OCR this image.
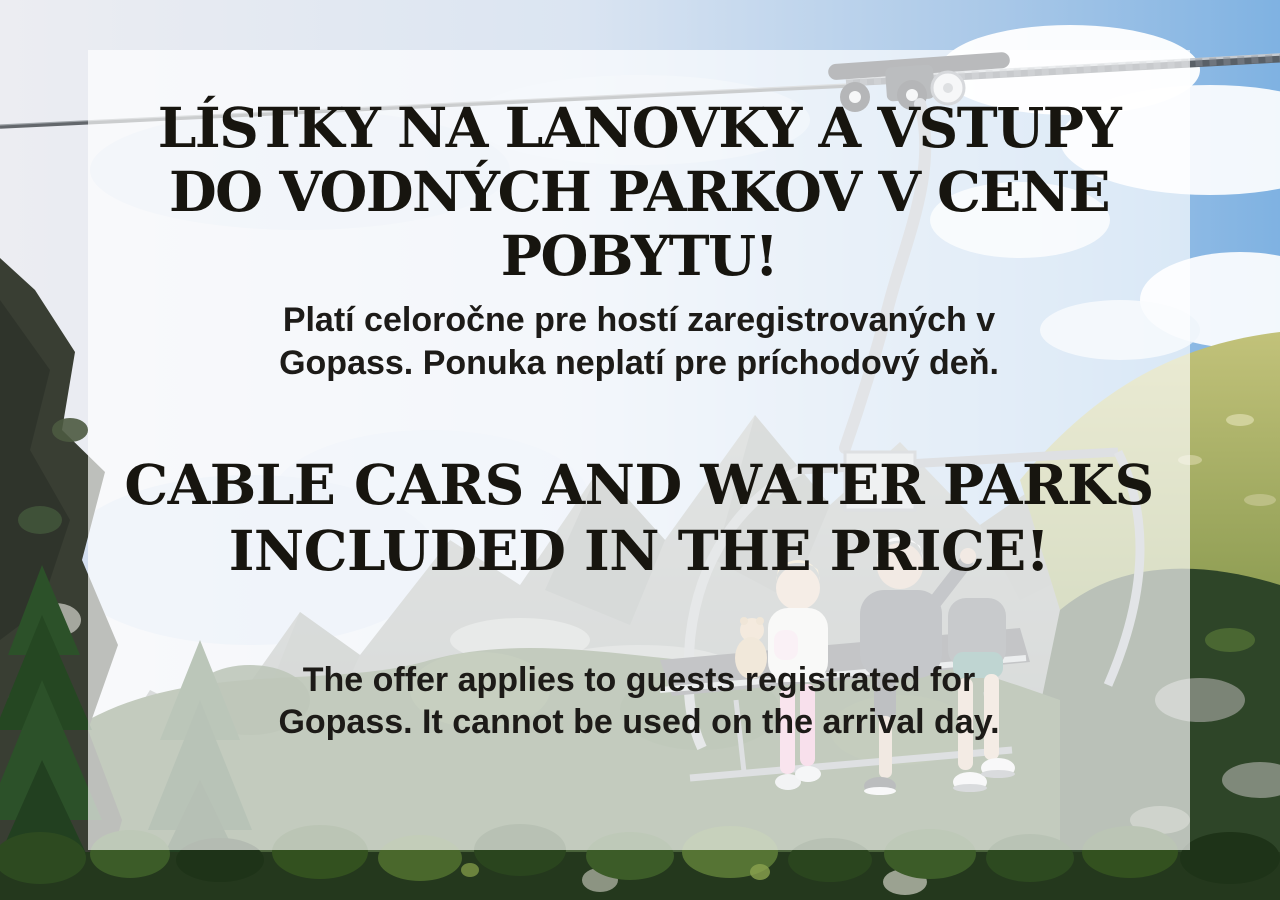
LÍSTKY NA LANOVKY A VSTUPY
DO VODNÝCH PARKOV V CENE
POBYTU!
Platí celoročne pre hostí zaregistrovaných v
Gopass. Ponuka neplatí pre príchodový deň.
CABLE CARS AND WATER PARKS
INCLUDED IN THE PRICE!
The offer applies to guests registrated for
Gopass. It cannot be used on the arrival day.
